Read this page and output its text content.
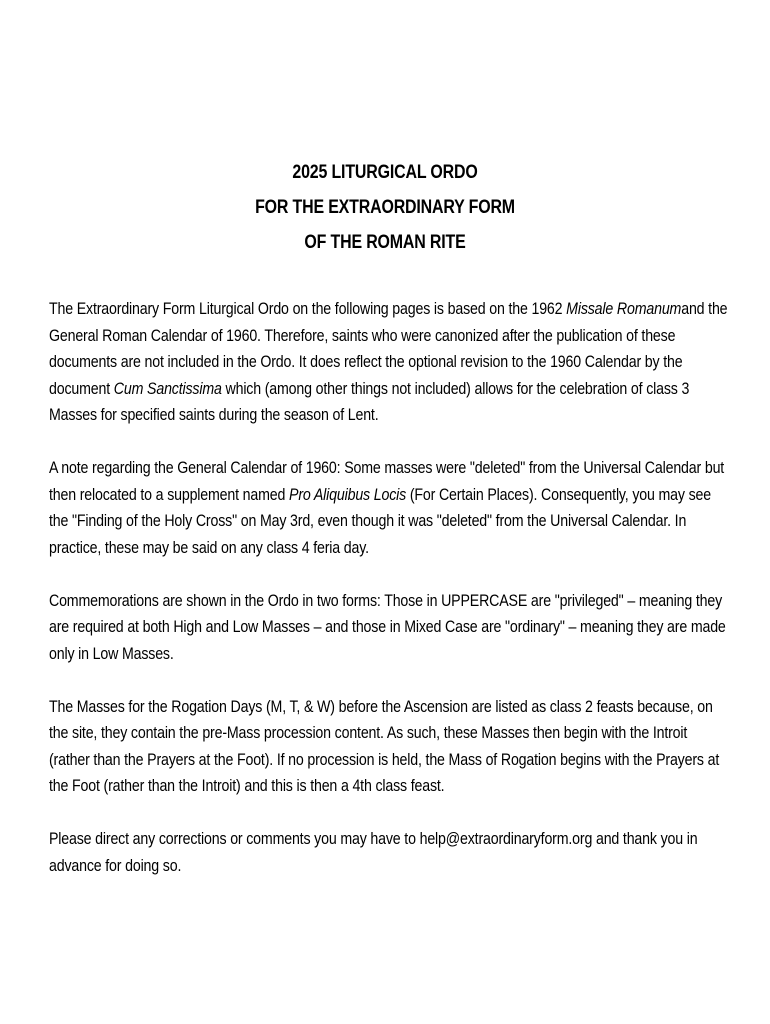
2025 LITURGICAL ORDO
FOR THE EXTRAORDINARY FORM
OF THE ROMAN RITE

The Extraordinary Form Liturgical Ordo on the following pages is based on the 1962 Missale Romanumand the
General Roman Calendar of 1960. Therefore, saints who were canonized after the publication of these
documents are not included in the Ordo. It does reflect the optional revision to the 1960 Calendar by the
document Cum Sanctissima which (among other things not included) allows for the celebration of class 3
Masses for specified saints during the season of Lent.

A note regarding the General Calendar of 1960: Some masses were "deleted" from the Universal Calendar but
then relocated to a supplement named Pro Aliquibus Locis (For Certain Places). Consequently, you may see
the "Finding of the Holy Cross" on May 3rd, even though it was "deleted" from the Universal Calendar. In
practice, these may be said on any class 4 feria day.

Commemorations are shown in the Ordo in two forms: Those in UPPERCASE are "privileged" – meaning they
are required at both High and Low Masses – and those in Mixed Case are "ordinary" – meaning they are made
only in Low Masses.

The Masses for the Rogation Days (M, T, & W) before the Ascension are listed as class 2 feasts because, on
the site, they contain the pre-Mass procession content. As such, these Masses then begin with the Introit
(rather than the Prayers at the Foot). If no procession is held, the Mass of Rogation begins with the Prayers at
the Foot (rather than the Introit) and this is then a 4th class feast.

Please direct any corrections or comments you may have to help@extraordinaryform.org and thank you in
advance for doing so.
